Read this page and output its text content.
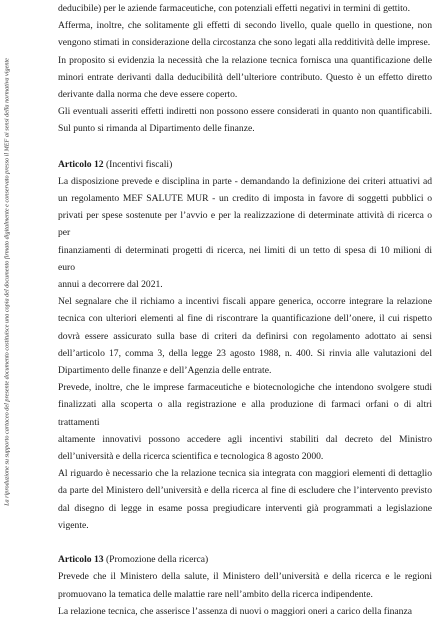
La riproduzione su supporto cartaceo del presente documento costituisce una copia del documento firmato digitalmente e conservato presso il MEF ai sensi della normativa vigente

deducibile) per le aziende farmaceutiche, con potenziali effetti negativi in termini di gettito.

Afferma, inoltre, che solitamente gli effetti di secondo livello, quale quello in questione, non
vengono stimati in considerazione della circostanza che sono legati alla redditività delle imprese.

In proposito si evidenzia la necessità che la relazione tecnica fornisca una quantificazione delle
minori entrate derivanti dalla deducibilità dell’ulteriore contributo. Questo è un effetto diretto
derivante dalla norma che deve essere coperto.

Gli eventuali asseriti effetti indiretti non possono essere considerati in quanto non quantificabili.
Sul punto si rimanda al Dipartimento delle finanze.

Articolo 12 (Incentivi fiscali)

La disposizione prevede e disciplina in parte - demandando la definizione dei criteri attuativi ad
un regolamento MEF SALUTE MUR - un credito di imposta in favore di soggetti pubblici o
privati per spese sostenute per l’avvio e per la realizzazione di determinate attività di ricerca o per
finanziamenti di determinati progetti di ricerca, nei limiti di un tetto di spesa di 10 milioni di euro
annui a decorrere dal 2021.

Nel segnalare che il richiamo a incentivi fiscali appare generica, occorre integrare la relazione
tecnica con ulteriori elementi al fine di riscontrare la quantificazione dell’onere, il cui rispetto
dovrà essere assicurato sulla base di criteri da definirsi con regolamento adottato ai sensi
dell’articolo 17, comma 3, della legge 23 agosto 1988, n. 400. Si rinvia alle valutazioni del
Dipartimento delle finanze e dell’Agenzia delle entrate.

Prevede, inoltre, che le imprese farmaceutiche e biotecnologiche che intendono svolgere studi
finalizzati alla scoperta o alla registrazione e alla produzione di farmaci orfani o di altri trattamenti
altamente innovativi possono accedere agli incentivi stabiliti dal decreto del Ministro
dell’università e della ricerca scientifica e tecnologica 8 agosto 2000.

Al riguardo è necessario che la relazione tecnica sia integrata con maggiori elementi di dettaglio
da parte del Ministero dell’università e della ricerca al fine di escludere che l’intervento previsto
dal disegno di legge in esame possa pregiudicare interventi già programmati a legislazione
vigente.

Articolo 13 (Promozione della ricerca)

Prevede che il Ministero della salute, il Ministero dell’università e della ricerca e le regioni
promuovano la tematica delle malattie rare nell’ambito della ricerca indipendente.

La relazione tecnica, che asserisce l’assenza di nuovi o maggiori oneri a carico della finanza
